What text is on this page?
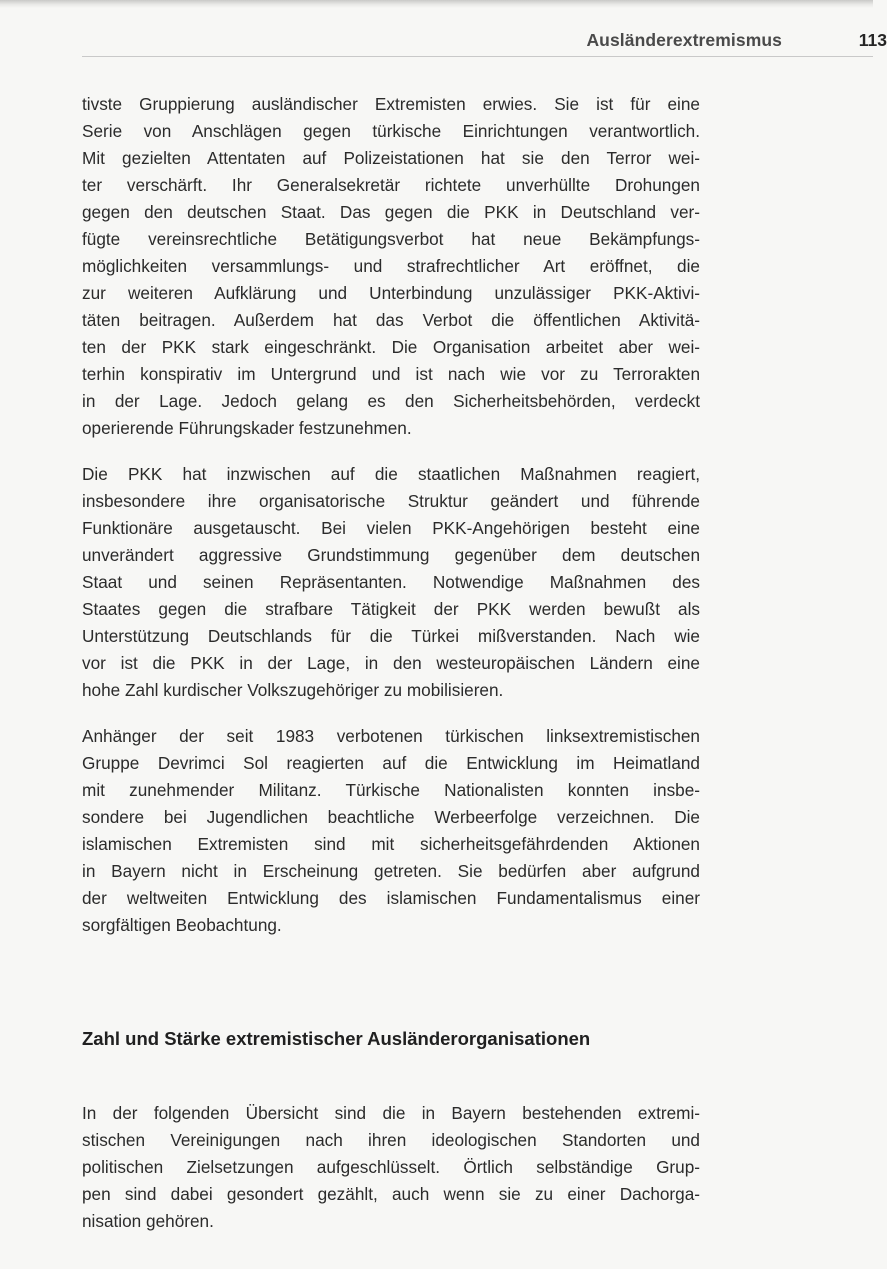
Ausländerextremismus	113
tivste Gruppierung ausländischer Extremisten erwies. Sie ist für eine
Serie von Anschlägen gegen türkische Einrichtungen verantwortlich.
Mit gezielten Attentaten auf Polizeistationen hat sie den Terror wei-
ter verschärft. Ihr Generalsekretär richtete unverhüllte Drohungen
gegen den deutschen Staat. Das gegen die PKK in Deutschland ver-
fügte vereinsrechtliche Betätigungsverbot hat neue Bekämpfungs-
möglichkeiten versammlungs- und strafrechtlicher Art eröffnet, die
zur weiteren Aufklärung und Unterbindung unzulässiger PKK-Aktivi-
täten beitragen. Außerdem hat das Verbot die öffentlichen Aktivitä-
ten der PKK stark eingeschränkt. Die Organisation arbeitet aber wei-
terhin konspirativ im Untergrund und ist nach wie vor zu Terrorakten
in der Lage. Jedoch gelang es den Sicherheitsbehörden, verdeckt
operierende Führungskader festzunehmen.
Die PKK hat inzwischen auf die staatlichen Maßnahmen reagiert,
insbesondere ihre organisatorische Struktur geändert und führende
Funktionäre ausgetauscht. Bei vielen PKK-Angehörigen besteht eine
unverändert aggressive Grundstimmung gegenüber dem deutschen
Staat und seinen Repräsentanten. Notwendige Maßnahmen des
Staates gegen die strafbare Tätigkeit der PKK werden bewußt als
Unterstützung Deutschlands für die Türkei mißverstanden. Nach wie
vor ist die PKK in der Lage, in den westeuropäischen Ländern eine
hohe Zahl kurdischer Volkszugehöriger zu mobilisieren.
Anhänger der seit 1983 verbotenen türkischen linksextremistischen
Gruppe Devrimci Sol reagierten auf die Entwicklung im Heimatland
mit zunehmender Militanz. Türkische Nationalisten konnten insbe-
sondere bei Jugendlichen beachtliche Werbeerfolge verzeichnen. Die
islamischen Extremisten sind mit sicherheitsgefährdenden Aktionen
in Bayern nicht in Erscheinung getreten. Sie bedürfen aber aufgrund
der weltweiten Entwicklung des islamischen Fundamentalismus einer
sorgfältigen Beobachtung.
Zahl und Stärke extremistischer Ausländerorganisationen
In der folgenden Übersicht sind die in Bayern bestehenden extremi-
stischen Vereinigungen nach ihren ideologischen Standorten und
politischen Zielsetzungen aufgeschlüsselt. Örtlich selbständige Grup-
pen sind dabei gesondert gezählt, auch wenn sie zu einer Dachorga-
nisation gehören.
